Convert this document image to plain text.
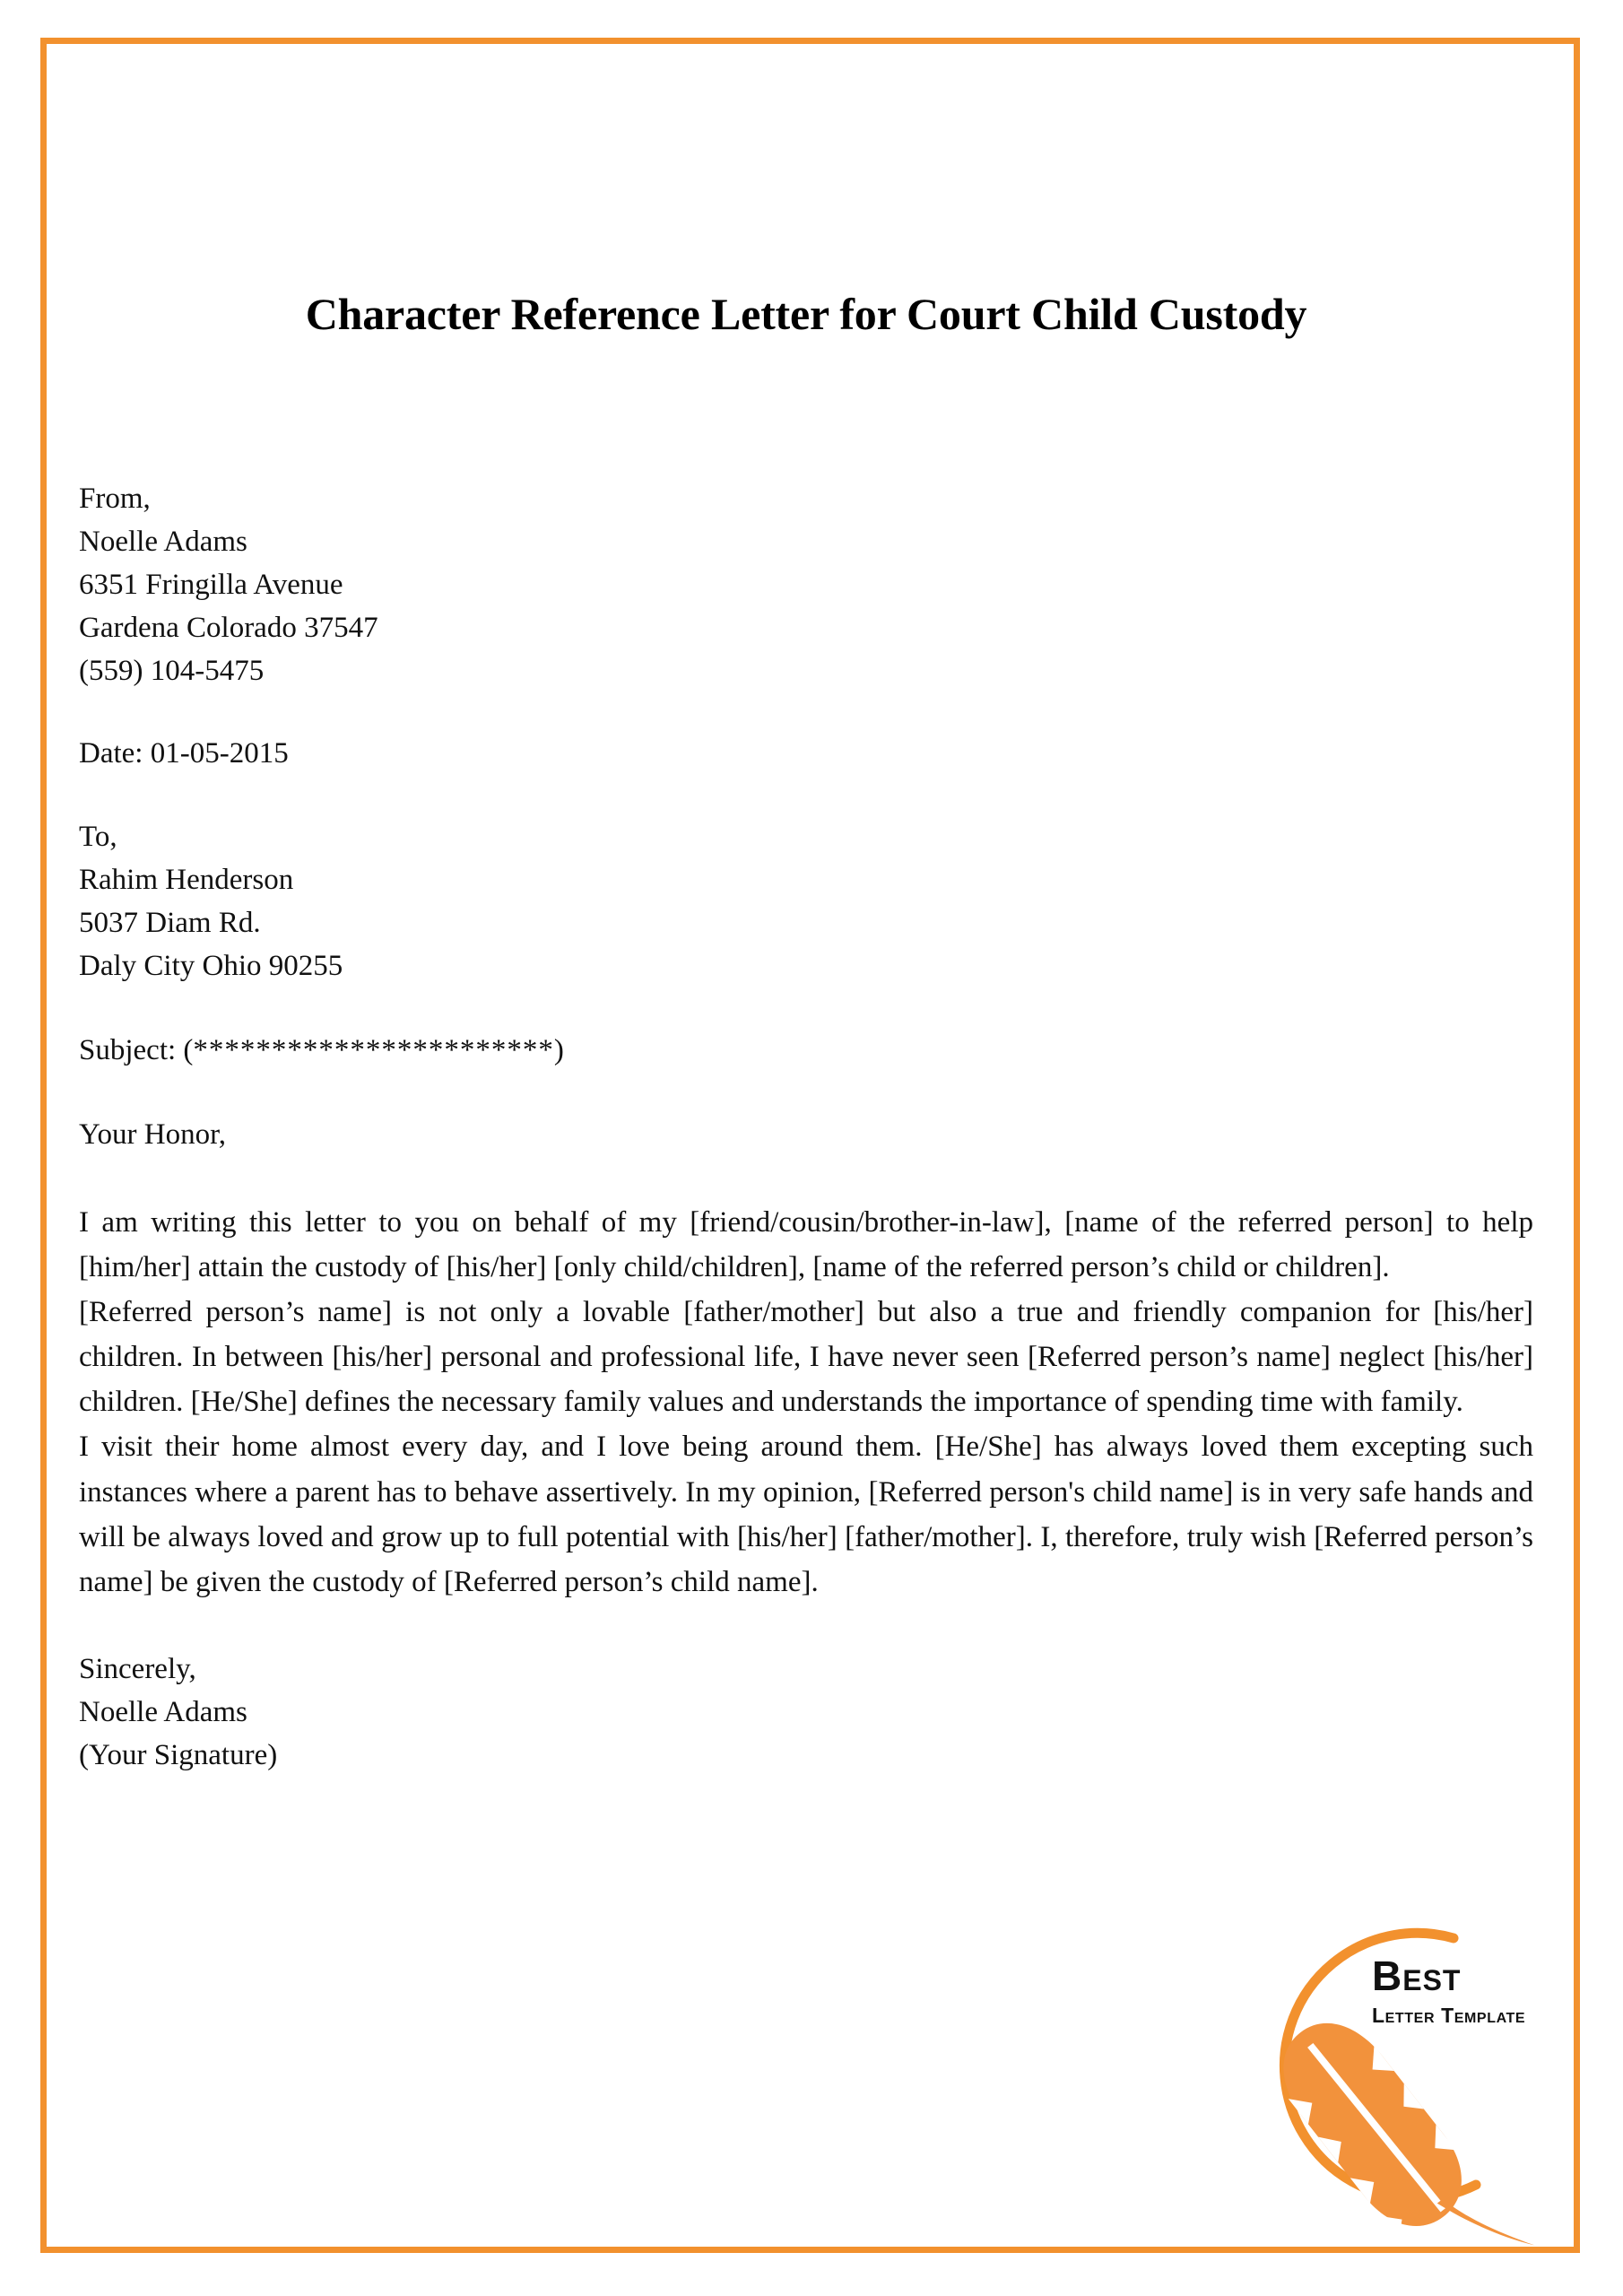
Character Reference Letter for Court Child Custody
From,
Noelle Adams
6351 Fringilla Avenue
Gardena Colorado 37547
(559) 104-5475
Date: 01-05-2015
To,
Rahim Henderson
5037 Diam Rd.
Daly City Ohio 90255
Subject: (***********************)
Your Honor,

I am writing this letter to you on behalf of my [friend/cousin/brother-in-law], [name of the referred person] to help [him/her] attain the custody of [his/her] [only child/children], [name of the referred person’s child or children].

[Referred person’s name] is not only a lovable [father/mother] but also a true and friendly companion for [his/her] children. In between [his/her] personal and professional life, I have never seen [Referred person’s name] neglect [his/her] children. [He/She] defines the necessary family values and understands the importance of spending time with family.

I visit their home almost every day, and I love being around them. [He/She] has always loved them excepting such instances where a parent has to behave assertively. In my opinion, [Referred person's child name] is in very safe hands and will be always loved and grow up to full potential with [his/her] [father/mother]. I, therefore, truly wish [Referred person’s name] be given the custody of [Referred person’s child name].

Sincerely,
Noelle Adams
(Your Signature)
Best
Letter Template
